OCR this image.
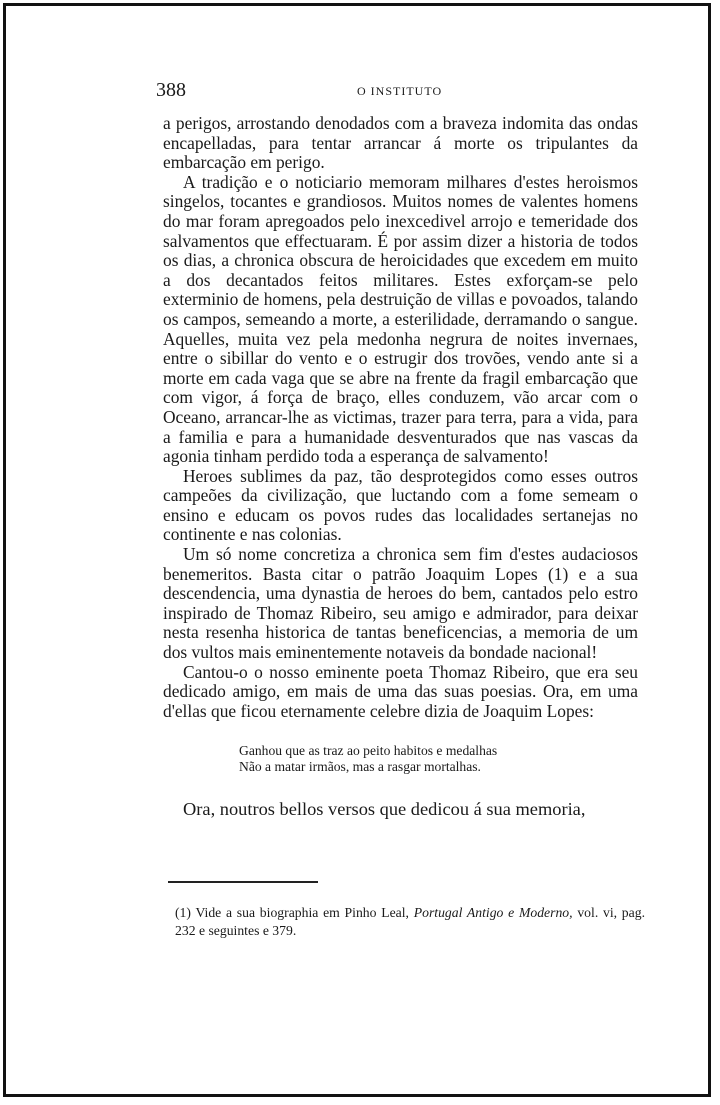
388	O INSTITUTO

a perigos, arrostando denodados com a braveza indomita das ondas encapelladas, para tentar arrancar á morte os tripulantes da embarcação em perigo.

A tradição e o noticiario memoram milhares d'estes heroismos singelos, tocantes e grandiosos. Muitos nomes de valentes homens do mar foram apregoados pelo inexcedivel arrojo e temeridade dos salvamentos que effectuaram. É por assim dizer a historia de todos os dias, a chronica obscura de heroicidades que excedem em muito a dos decantados feitos militares. Estes exforçam-se pelo exterminio de homens, pela destruição de villas e povoados, talando os campos, semeando a morte, a esterilidade, derramando o sangue. Aquelles, muita vez pela medonha negrura de noites invernaes, entre o sibillar do vento e o estrugir dos trovões, vendo ante si a morte em cada vaga que se abre na frente da fragil embarcação que com vigor, á força de braço, elles conduzem, vão arcar com o Oceano, arrancar-lhe as victimas, trazer para terra, para a vida, para a familia e para a humanidade desventurados que nas vascas da agonia tinham perdido toda a esperança de salvamento!

Heroes sublimes da paz, tão desprotegidos como esses outros campeões da civilização, que luctando com a fome semeam o ensino e educam os povos rudes das localidades sertanejas no continente e nas colonias.

Um só nome concretiza a chronica sem fim d'estes audaciosos benemeritos. Basta citar o patrão Joaquim Lopes (1) e a sua descendencia, uma dynastia de heroes do bem, cantados pelo estro inspirado de Thomaz Ribeiro, seu amigo e admirador, para deixar nesta resenha historica de tantas beneficencias, a memoria de um dos vultos mais eminentemente notaveis da bondade nacional!

Cantou-o o nosso eminente poeta Thomaz Ribeiro, que era seu dedicado amigo, em mais de uma das suas poesias. Ora, em uma d'ellas que ficou eternamente celebre dizia de Joaquim Lopes:

Ganhou que as traz ao peito habitos e medalhas
Não a matar irmãos, mas a rasgar mortalhas.

Ora, noutros bellos versos que dedicou á sua memoria,

(1) Vide a sua biographia em Pinho Leal, Portugal Antigo e Moderno, vol. vi, pag. 232 e seguintes e 379.
